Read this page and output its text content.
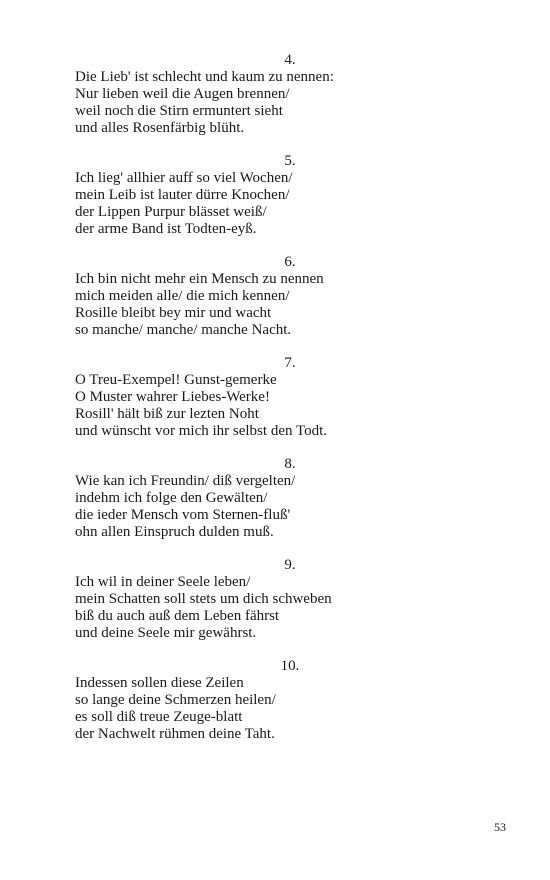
4.
Die Lieb' ist schlecht und kaum zu nennen:
Nur lieben weil die Augen brennen/
weil noch die Stirn ermuntert sieht
und alles Rosenfärbig blüht.
5.
Ich lieg' allhier auff so viel Wochen/
mein Leib ist lauter dürre Knochen/
der Lippen Purpur blässet weiß/
der arme Band ist Todten-eyß.
6.
Ich bin nicht mehr ein Mensch zu nennen
mich meiden alle/ die mich kennen/
Rosille bleibt bey mir und wacht
so manche/ manche/ manche Nacht.
7.
O Treu-Exempel! Gunst-gemerke
O Muster wahrer Liebes-Werke!
Rosill' hält biß zur lezten Noht
und wünscht vor mich ihr selbst den Todt.
8.
Wie kan ich Freundin/ diß vergelten/
indehm ich folge den Gewälten/
die ieder Mensch vom Sternen-fluß'
ohn allen Einspruch dulden muß.
9.
Ich wil in deiner Seele leben/
mein Schatten soll stets um dich schweben
biß du auch auß dem Leben fährst
und deine Seele mir gewährst.
10.
Indessen sollen diese Zeilen
so lange deine Schmerzen heilen/
es soll diß treue Zeuge-blatt
der Nachwelt rühmen deine Taht.
53
